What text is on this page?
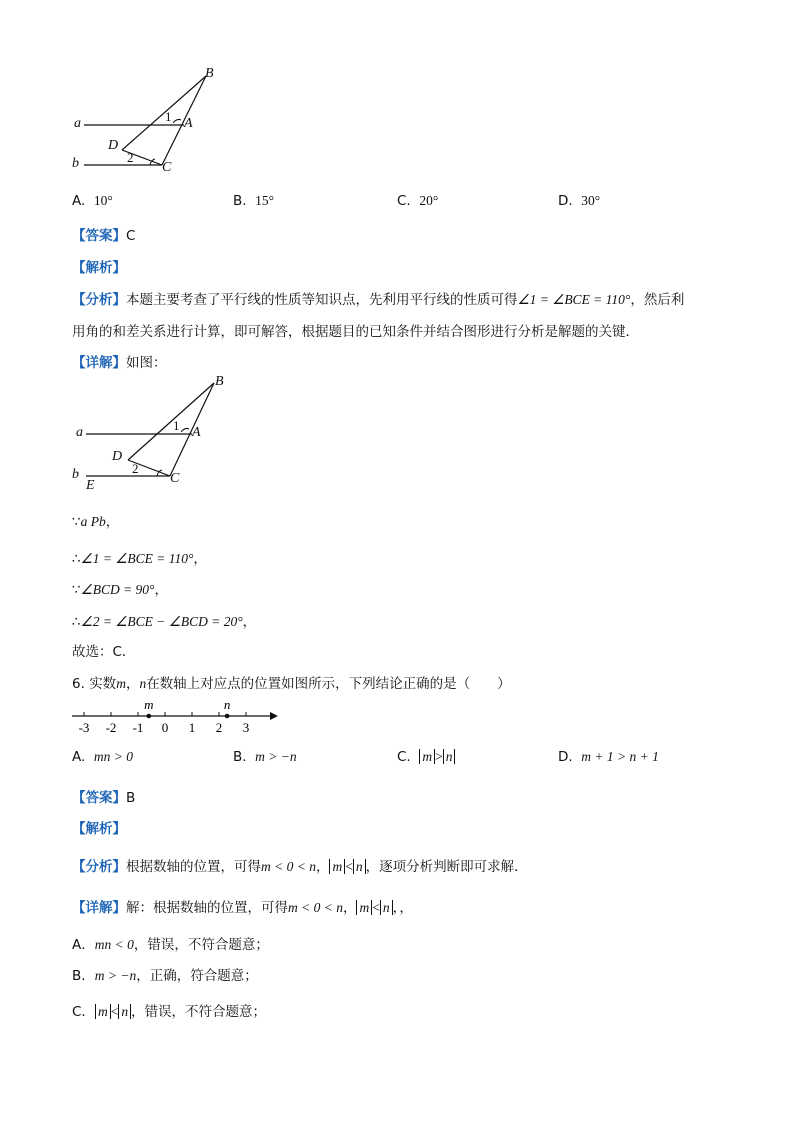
B
a	1 A
D
b	2
C
A. 10°	B. 15°	C. 20°	D. 30°
【答案】C
【解析】
【分析】本题主要考查了平行线的性质等知识点，先利用平行线的性质可得∠1 = ∠BCE = 110°，然后利
用角的和差关系进行计算，即可解答，根据题目的已知条件并结合图形进行分析是解题的关键．
【详解】如图：
B
a	1 A
D
b
E
2
C
∵a Pb，
∴∠1 = ∠BCE = 110°，
∵∠BCD = 90°，
∴∠2 = ∠BCE − ∠BCD = 20°，
故选：C．
6. 实数m，n在数轴上对应点的位置如图所示，下列结论正确的是（　　）
-3 -2 -1 0 1 2 3
m	n
A. mn > 0	B. m > −n	C. m > n	D. m + 1 > n + 1
【答案】B
【解析】
【分析】根据数轴的位置，可得m < 0 < n， m < n ，逐项分析判断即可求解．
【详解】解：根据数轴的位置，可得m < 0 < n， m < n ，，
A．mn < 0，错误，不符合题意；
B．m > −n，正确，符合题意；
C． m < n ，错误，不符合题意；
